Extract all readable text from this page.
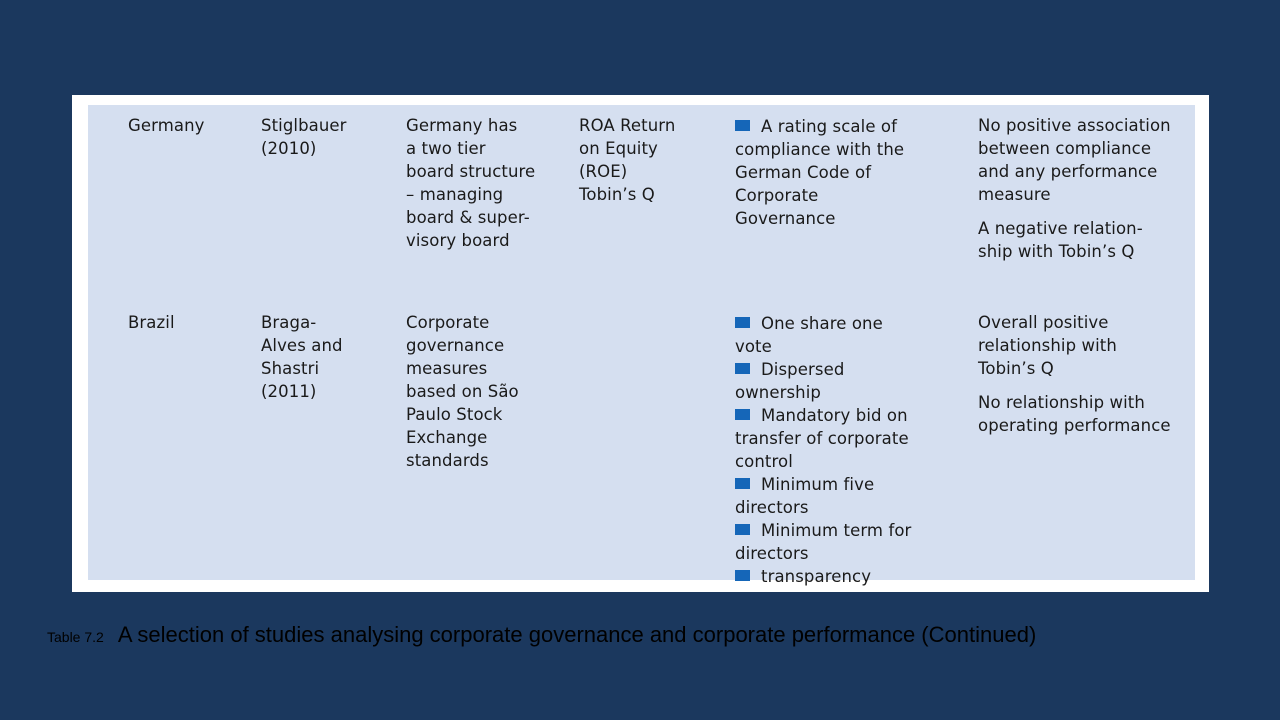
Germany	Stiglbauer
(2010)
Germany has
a two tier
board structure
– managing
board & super-
visory board
ROA Return
on Equity
(ROE)
Tobin’s Q
A rating scale of
compliance with the
German Code of
Corporate
Governance
No positive association
between compliance
and any performance
measure
A negative relation-
ship with Tobin’s Q
Brazil	Braga-
Alves and
Shastri
(2011)
Corporate
governance
measures
based on São
Paulo Stock
Exchange
standards
One share one
vote
Dispersed
ownership
Mandatory bid on
transfer of corporate
control
Minimum five
directors
Minimum term for
directors
transparency
Overall positive
relationship with
Tobin’s Q
No relationship with
operating performance
Table 7.2 A selection of studies analysing corporate governance and corporate performance (Continued)
